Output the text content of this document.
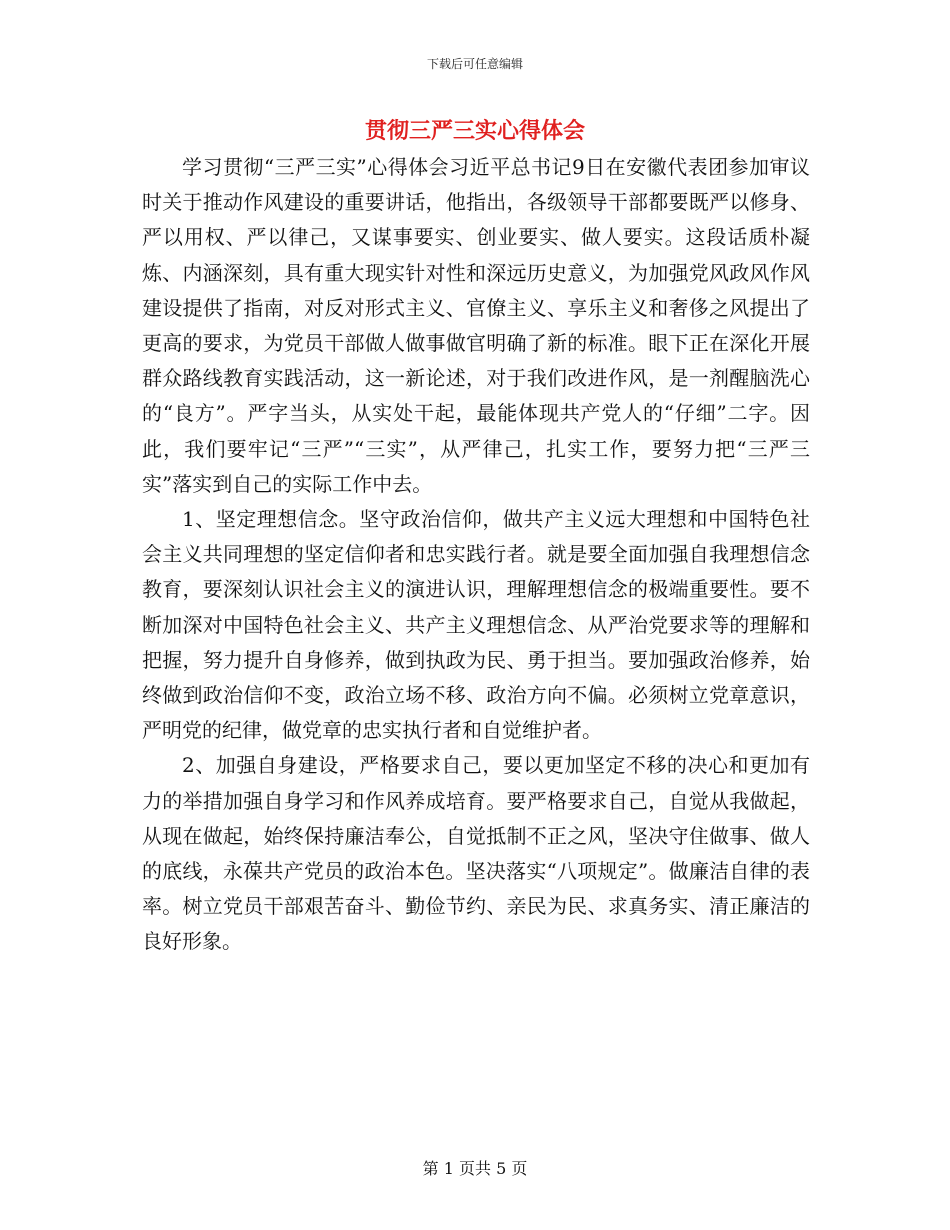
下载后可任意编辑
贯彻三严三实心得体会

学习贯彻“三严三实”心得体会习近平总书记9日在安徽代表团参加审议时关于推动作风建设的重要讲话，他指出，各级领导干部都要既严以修身、严以用权、严以律己，又谋事要实、创业要实、做人要实。这段话质朴凝炼、内涵深刻，具有重大现实针对性和深远历史意义，为加强党风政风作风建设提供了指南，对反对形式主义、官僚主义、享乐主义和奢侈之风提出了更高的要求，为党员干部做人做事做官明确了新的标准。眼下正在深化开展群众路线教育实践活动，这一新论述，对于我们改进作风，是一剂醒脑洗心的“良方”。严字当头，从实处干起，最能体现共产党人的“仔细”二字。因此，我们要牢记“三严”“三实”，从严律己，扎实工作，要努力把“三严三实”落实到自己的实际工作中去。

1、坚定理想信念。坚守政治信仰，做共产主义远大理想和中国特色社会主义共同理想的坚定信仰者和忠实践行者。就是要全面加强自我理想信念教育，要深刻认识社会主义的演进认识，理解理想信念的极端重要性。要不断加深对中国特色社会主义、共产主义理想信念、从严治党要求等的理解和把握，努力提升自身修养，做到执政为民、勇于担当。要加强政治修养，始终做到政治信仰不变，政治立场不移、政治方向不偏。必须树立党章意识，严明党的纪律，做党章的忠实执行者和自觉维护者。

2、加强自身建设，严格要求自己，要以更加坚定不移的决心和更加有力的举措加强自身学习和作风养成培育。要严格要求自己，自觉从我做起，从现在做起，始终保持廉洁奉公，自觉抵制不正之风，坚决守住做事、做人的底线，永葆共产党员的政治本色。坚决落实“八项规定”。做廉洁自律的表率。树立党员干部艰苦奋斗、勤俭节约、亲民为民、求真务实、清正廉洁的良好形象。

第 1 页共 5 页
